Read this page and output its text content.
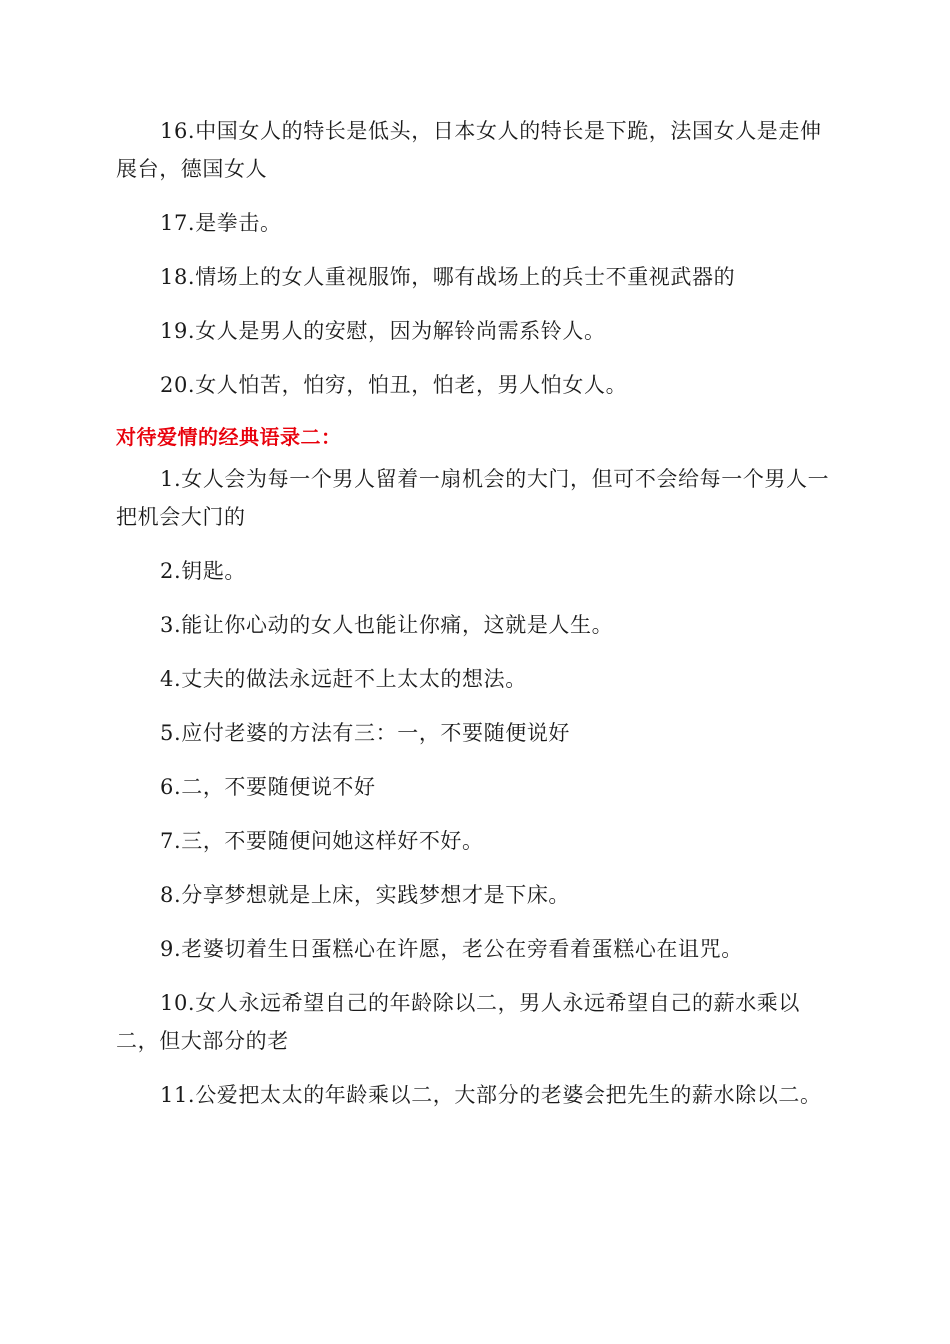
16.中国女人的特长是低头，日本女人的特长是下跪，法国女人是走伸展台，德国女人

17.是拳击。

18.情场上的女人重视服饰，哪有战场上的兵士不重视武器的

19.女人是男人的安慰，因为解铃尚需系铃人。

20.女人怕苦，怕穷，怕丑，怕老，男人怕女人。

对待爱情的经典语录二：

1.女人会为每一个男人留着一扇机会的大门，但可不会给每一个男人一把机会大门的

2.钥匙。

3.能让你心动的女人也能让你痛，这就是人生。

4.丈夫的做法永远赶不上太太的想法。

5.应付老婆的方法有三：一，不要随便说好

6.二，不要随便说不好

7.三，不要随便问她这样好不好。

8.分享梦想就是上床，实践梦想才是下床。

9.老婆切着生日蛋糕心在许愿，老公在旁看着蛋糕心在诅咒。

10.女人永远希望自己的年龄除以二，男人永远希望自己的薪水乘以二，但大部分的老

11.公爱把太太的年龄乘以二，大部分的老婆会把先生的薪水除以二。
